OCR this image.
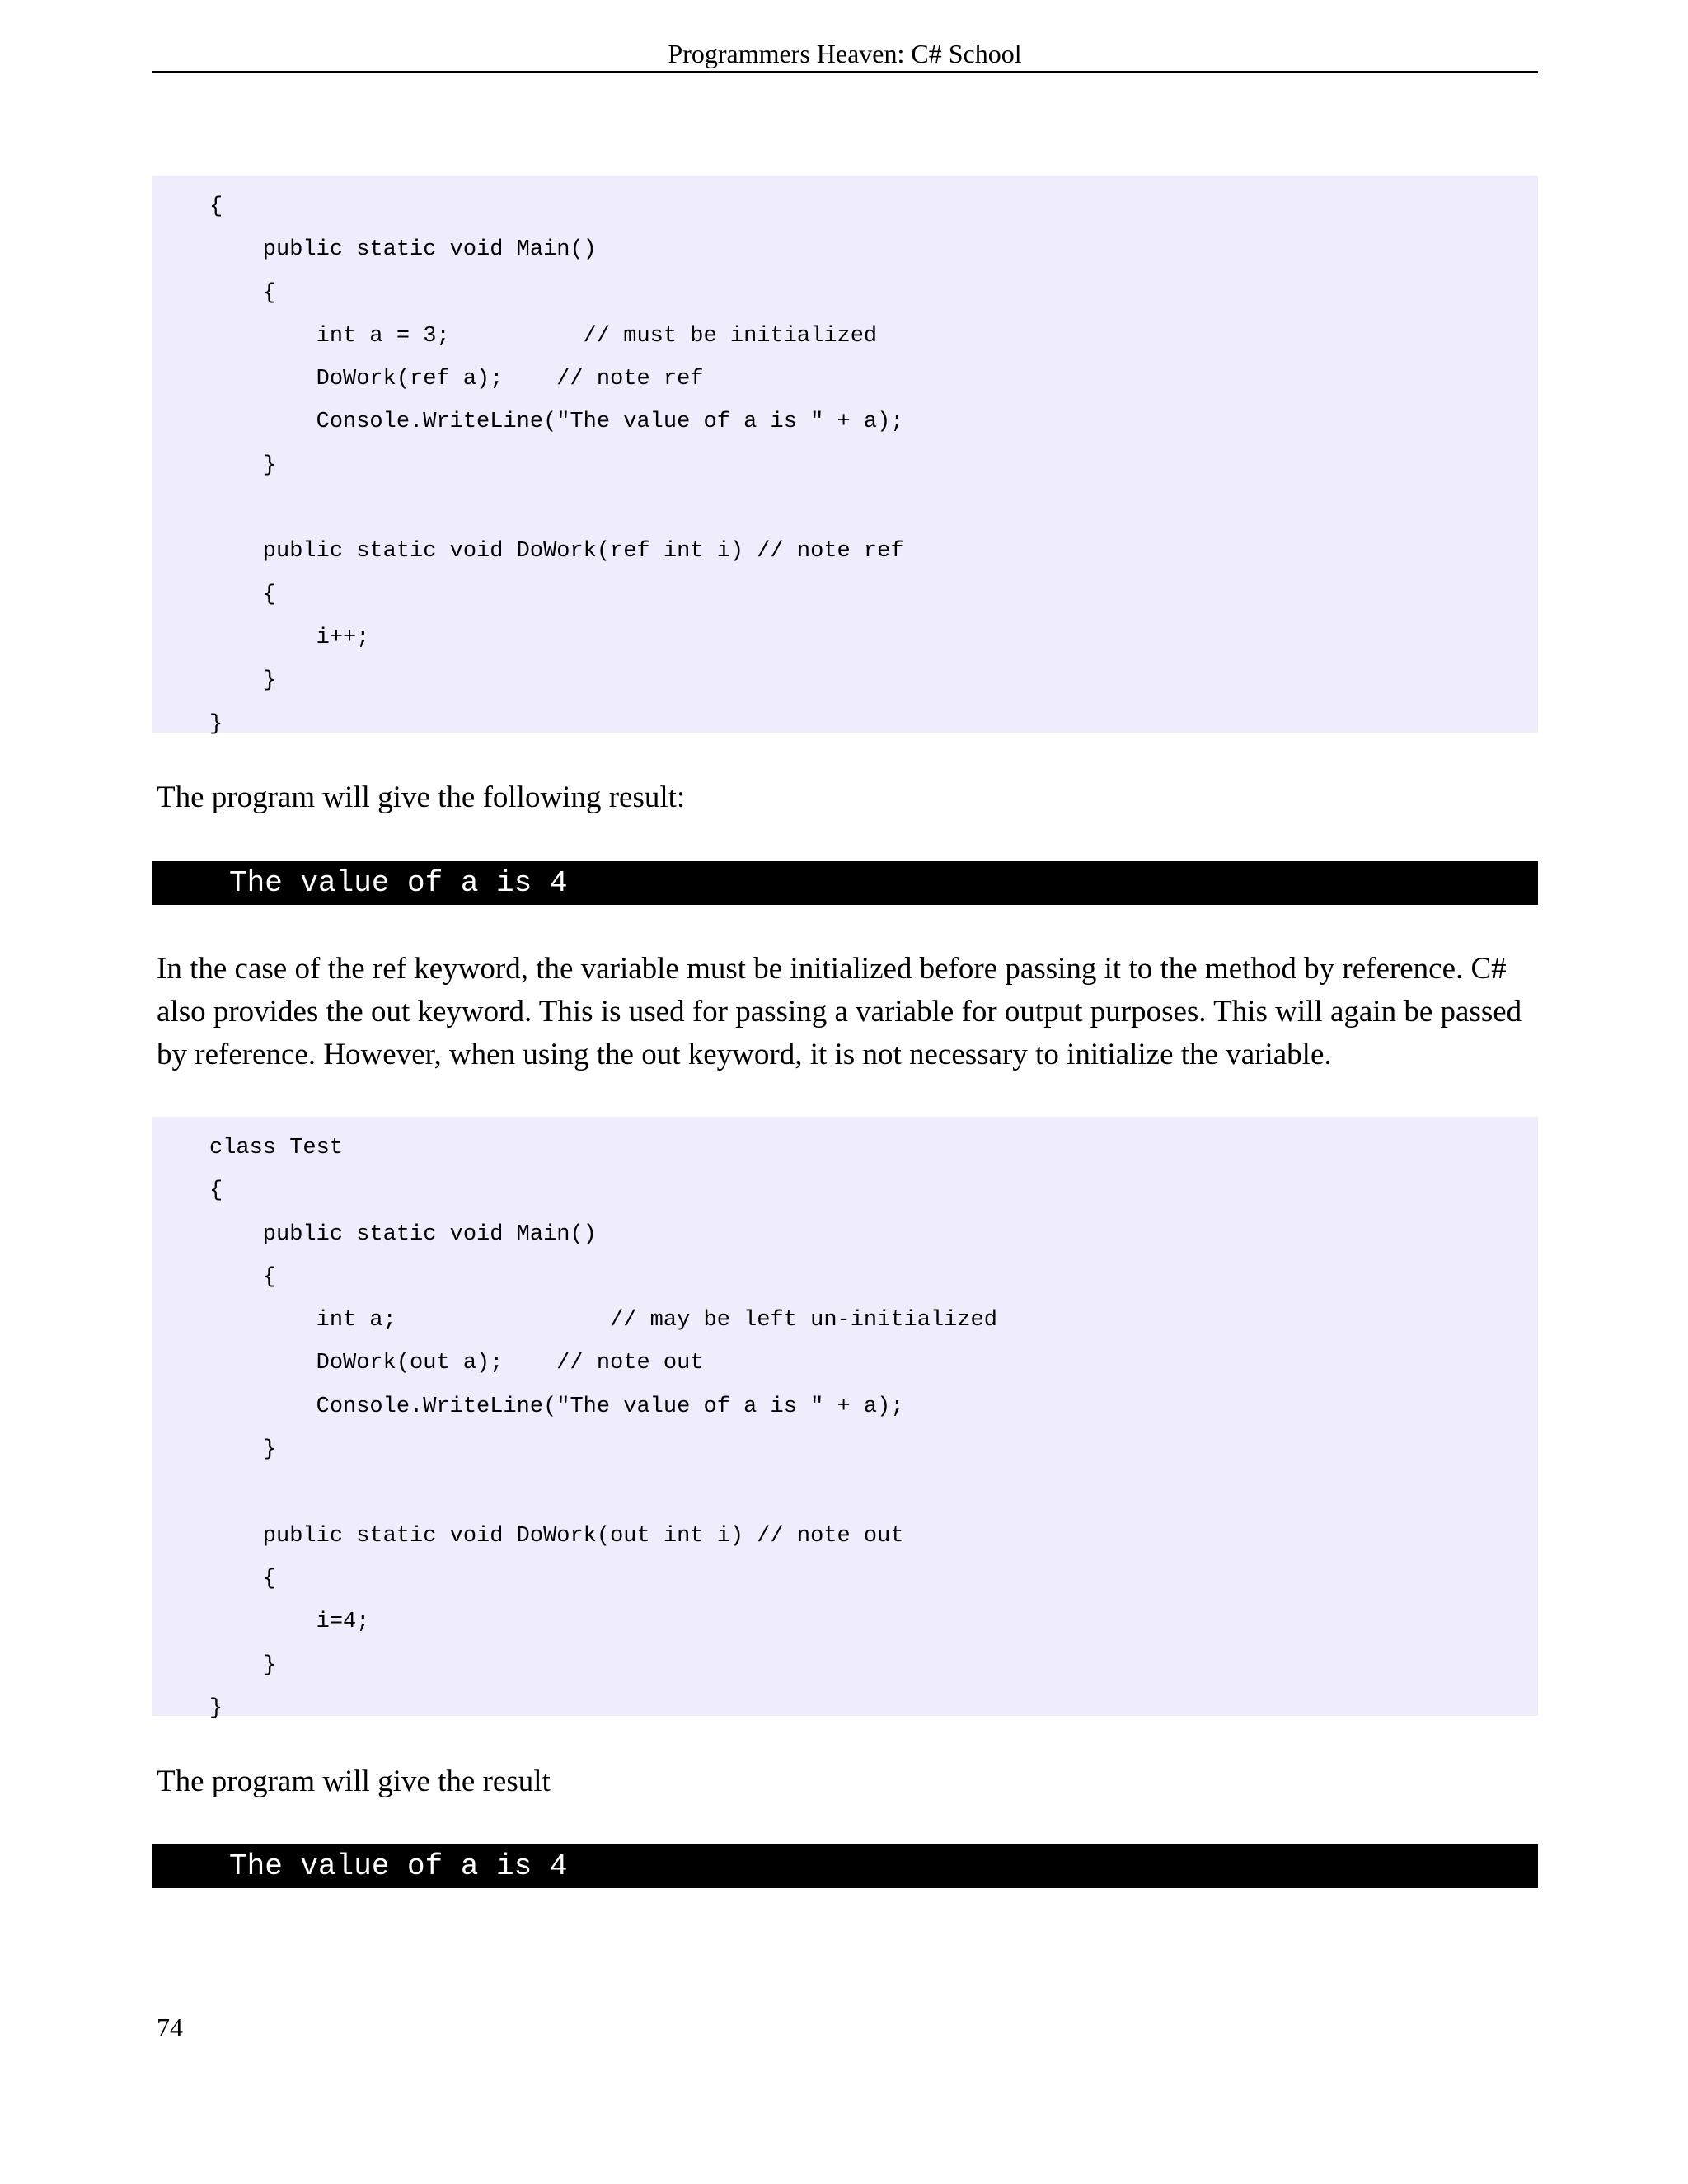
Programmers Heaven: C# School
{
public static void Main()
{
int a = 3;          // must be initialized
DoWork(ref a);    // note ref
Console.WriteLine("The value of a is " + a);
}
public static void DoWork(ref int i) // note ref
{
i++;
}
}

The program will give the following result:

The value of a is 4

In the case of the ref keyword, the variable must be initialized before passing it to the method by reference. C# also provides the out keyword. This is used for passing a variable for output purposes. This will again be passed by reference. However, when using the out keyword, it is not necessary to initialize the variable.

class Test
{
public static void Main()
{
int a;                // may be left un-initialized
DoWork(out a);    // note out
Console.WriteLine("The value of a is " + a);
}
public static void DoWork(out int i) // note out
{
i=4;
}
}

The program will give the result

The value of a is 4
74
